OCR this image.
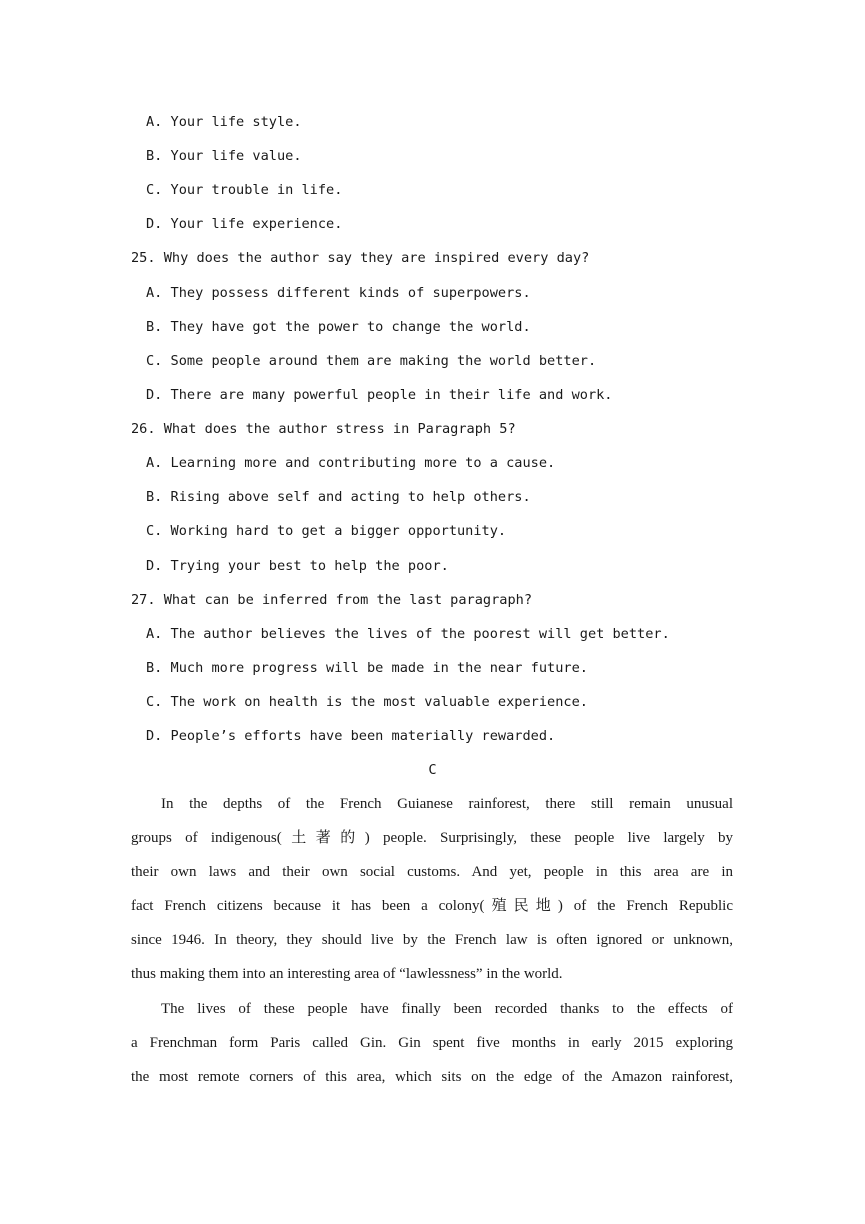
A. Your life style.
B. Your life value.
C. Your trouble in life.
D. Your life experience.
25. Why does the author say they are inspired every day?
A. They possess different kinds of superpowers.
B. They have got the power to change the world.
C. Some people around them are making the world better.
D. There are many powerful people in their life and work.
26. What does the author stress in Paragraph 5?
A. Learning more and contributing more to a cause.
B. Rising above self and acting to help others.
C. Working hard to get a bigger opportunity.
D. Trying your best to help the poor.
27. What can be inferred from the last paragraph?
A. The author believes the lives of the poorest will get better.
B. Much more progress will be made in the near future.
C. The work on health is the most valuable experience.
D. People’s efforts have been materially rewarded.
C
In the depths of the French Guianese rainforest, there still remain unusual
groups of indigenous(土著的) people. Surprisingly, these people live largely by
their own laws and their own social customs. And yet, people in this area are in
fact French citizens because it has been a colony(殖民地) of the French Republic
since 1946. In theory, they should live by the French law is often ignored or unknown,
thus making them into an interesting area of “lawlessness” in the world.
The lives of these people have finally been recorded thanks to the effects of
a Frenchman form Paris called Gin. Gin spent five months in early 2015 exploring
the most remote corners of this area, which sits on the edge of the Amazon rainforest,
